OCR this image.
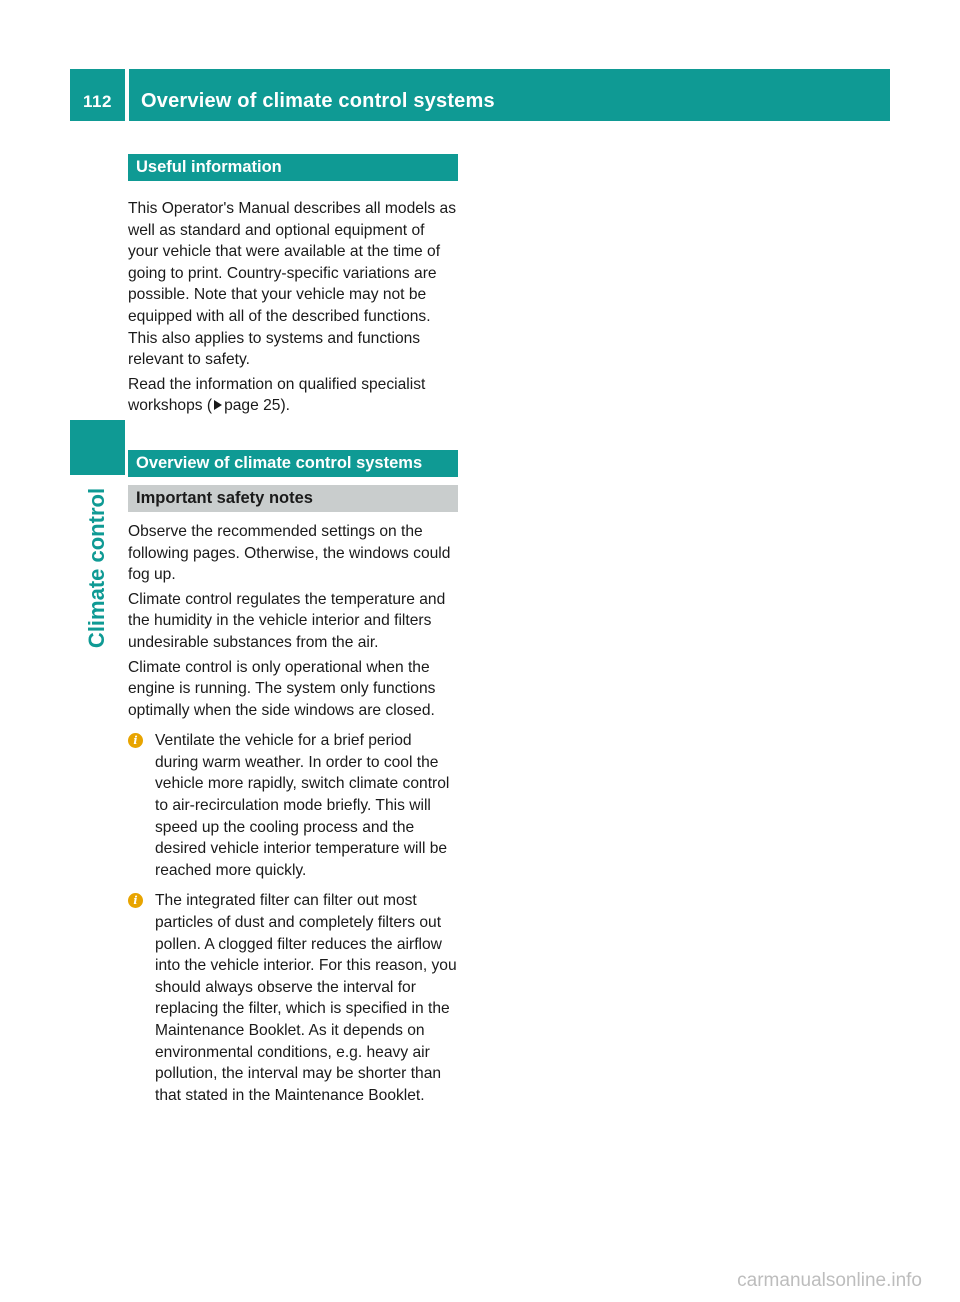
112	Overview of climate control systems
Climate control
Useful information

This Operator's Manual describes all models as well as standard and optional equipment of your vehicle that were available at the time of going to print. Country-specific variations are possible. Note that your vehicle may not be equipped with all of the described functions. This also applies to systems and functions relevant to safety.

Read the information on qualified specialist workshops ( page 25).

Overview of climate control systems
Important safety notes

Observe the recommended settings on the following pages. Otherwise, the windows could fog up.

Climate control regulates the temperature and the humidity in the vehicle interior and filters undesirable substances from the air.

Climate control is only operational when the engine is running. The system only functions optimally when the side windows are closed.

i	Ventilate the vehicle for a brief period during warm weather. In order to cool the vehicle more rapidly, switch climate control to air-recirculation mode briefly. This will speed up the cooling process and the desired vehicle interior temperature will be reached more quickly.
i	The integrated filter can filter out most particles of dust and completely filters out pollen. A clogged filter reduces the airflow into the vehicle interior. For this reason, you should always observe the interval for replacing the filter, which is specified in the Maintenance Booklet. As it depends on environmental conditions, e.g. heavy air pollution, the interval may be shorter than that stated in the Maintenance Booklet.
carmanualsonline.info
